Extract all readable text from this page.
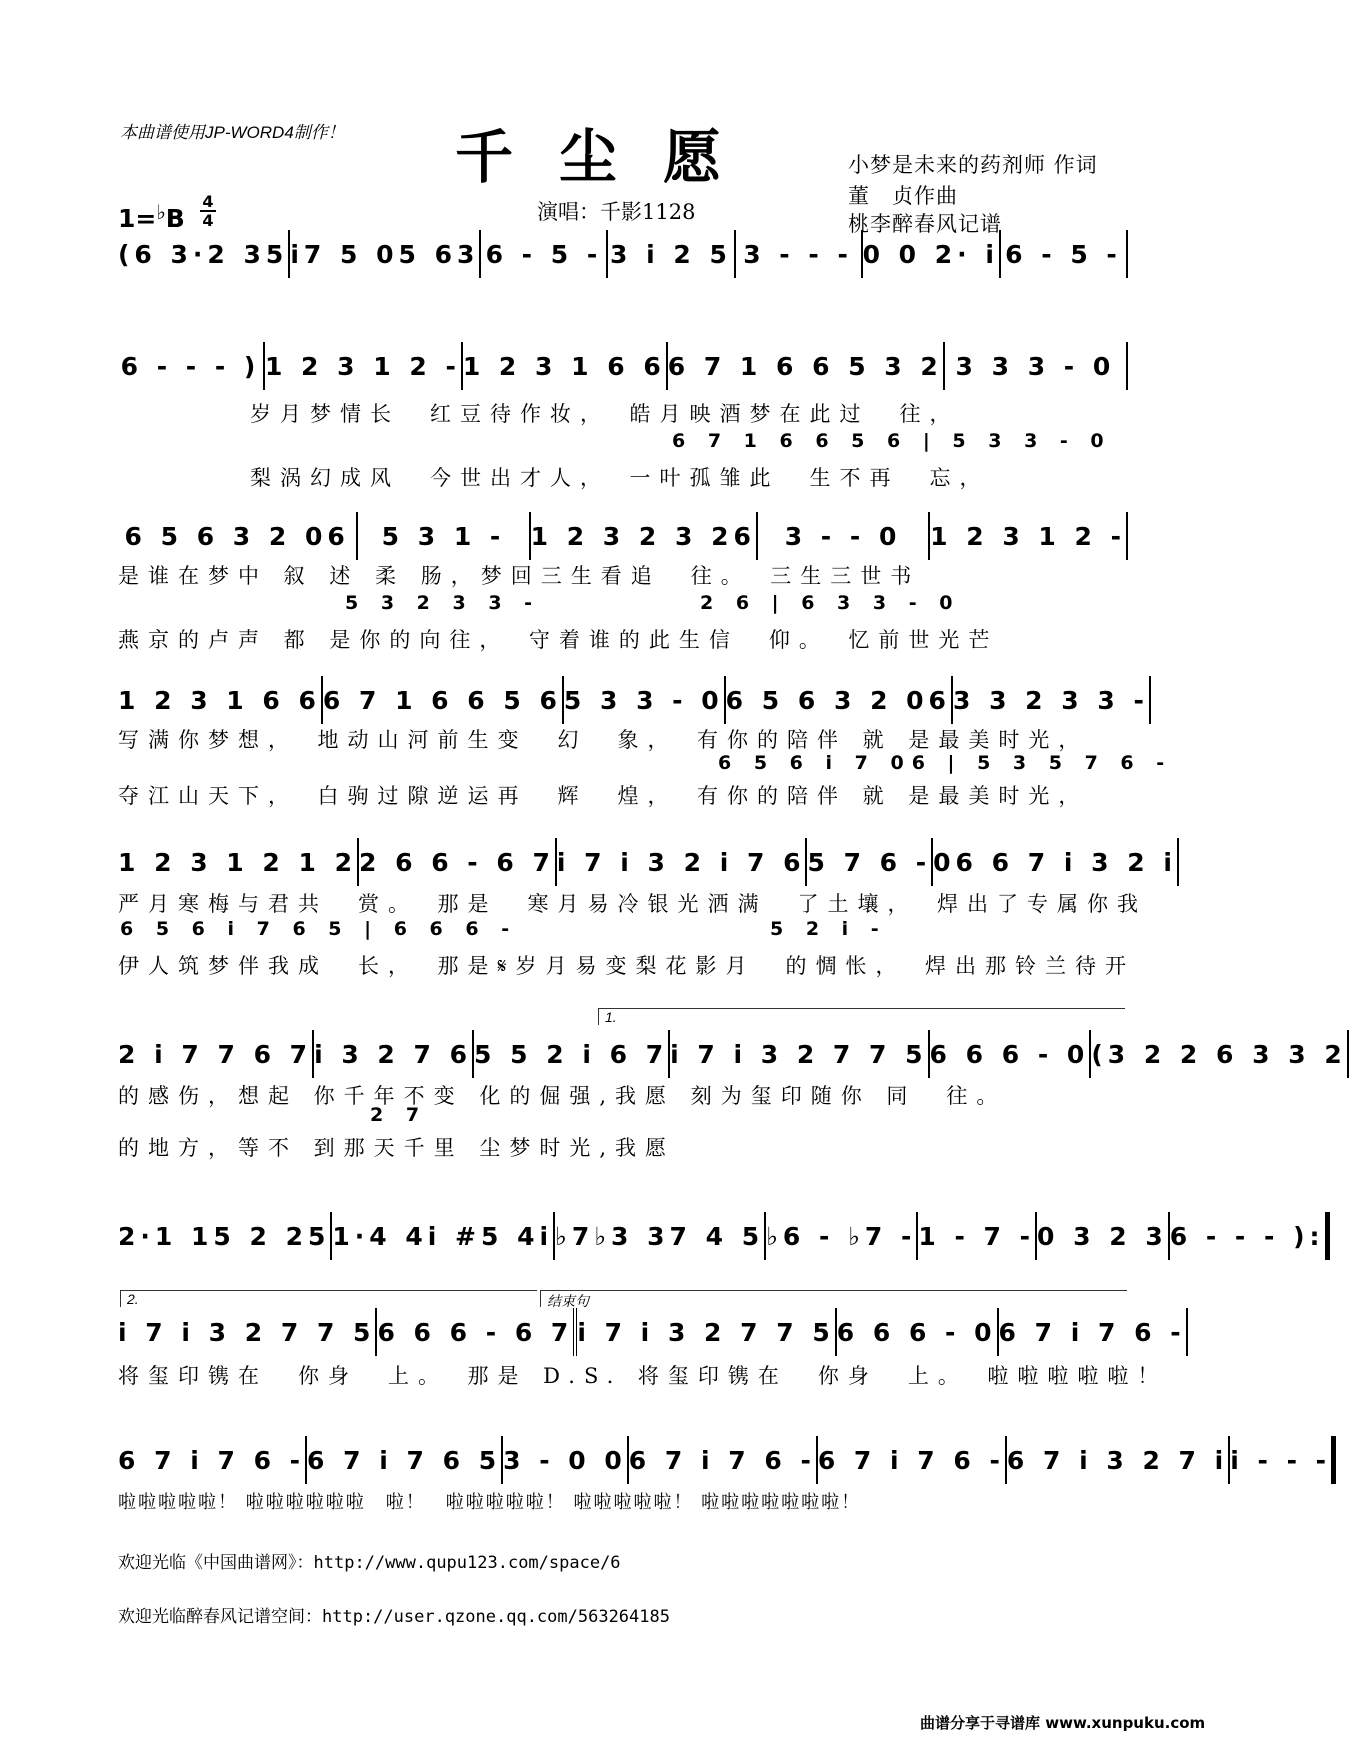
本曲谱使用JP-WORD4制作！ 千尘愿	小梦是未来的药剂师 作词
董　贞作曲
桃李醉春风记谱
1=♭B
4
4	演唱：千影1128
(6 3·2 35 i7 5 05 63 6 - 5 - 3 i 2 5 3 - - - 0 0 2· i 6 - 5 -
6 - - - ) 1 2 3 1 2 - 1 2 3 1 6 6 6 7 1 6 6 5 3 2 3 3 3 - 0
岁月梦情长　红豆待作妆，　皓月映酒梦在此过　往，
6 7 1 6 6 5 6 | 5 3 3 - 0
梨涡幻成风　今世出才人，　一叶孤雏此　生不再　忘，
6 5 6 3 2 06	5 3 1 -	1 2 3 2 3 26	3 - - 0	1 2 3 1 2 -
是谁在梦中 叙 述 柔 肠，梦回三生看追　往。　三生三世书
5 3 2 3 3 -	2 6 | 6 3 3 - 0
燕京的卢声 都 是你的向往，　守着谁的此生信　仰。　忆前世光芒
1 2 3 1 6 6 6 7 1 6 6 5 6 5 3 3 - 0 6 5 6 3 2 06 3 3 2 3 3 -
写满你梦想，　地动山河前生变　幻　象，　有你的陪伴 就 是最美时光，
6 5 6 i 7 06 | 5 3 5 7 6 -
夺江山天下，　白驹过隙逆运再　辉　煌，　有你的陪伴 就 是最美时光，
1 2 3 1 2 1 2 2 6 6 - 6 7 i 7 i 3 2 i 7 6 5 7 6 - 06 6 7 i 3 2 i
严月寒梅与君共　赏。　那是　寒月易冷银光洒满　了土壤，　焊出了专属你我
6 5 6 i 7 6 5 | 6 6 6 -	5 2 i -
伊人筑梦伴我成　长，　那是𝄋岁月易变梨花影月　的惆怅，　焊出那铃兰待开
1.
2 i 7 7 6 7 i 3 2 7 6 5 5 2 i 6 7 i 7 i 3 2 7 7 5 6 6 6 - 0 (3 2 2 6 3 3 2
的感伤，想起 你千年不变 化的倔强,我愿 刻为玺印随你 同　往。
2 7
的地方，等不 到那天千里 尘梦时光,我愿
2·1 15 2 25 1·4 4i #5 4i ♭7♭3 37 4 5 ♭6 - ♭7 - 1 - 7 - 0 3 2 3 6 - - - ):
2.	结束句
i 7 i 3 2 7 7 5 6 6 6 - 6 7 i 7 i 3 2 7 7 5 6 6 6 - 0 6 7 i 7 6 -
将玺印镌在　你身　上。　那是 D.S. 将玺印镌在　你身　上。　啦啦啦啦啦！
6 7 i 7 6 - 6 7 i 7 6 5 3 - 0 0 6 7 i 7 6 - 6 7 i 7 6 - 6 7 i 3 2 7 i i - - -
啦啦啦啦啦！ 啦啦啦啦啦啦　啦！　啦啦啦啦啦！ 啦啦啦啦啦！ 啦啦啦啦啦啦啦！
欢迎光临《中国曲谱网》：http://www.qupu123.com/space/6
欢迎光临醉春风记谱空间：http://user.qzone.qq.com/563264185
曲谱分享于寻谱库 www.xunpuku.com
